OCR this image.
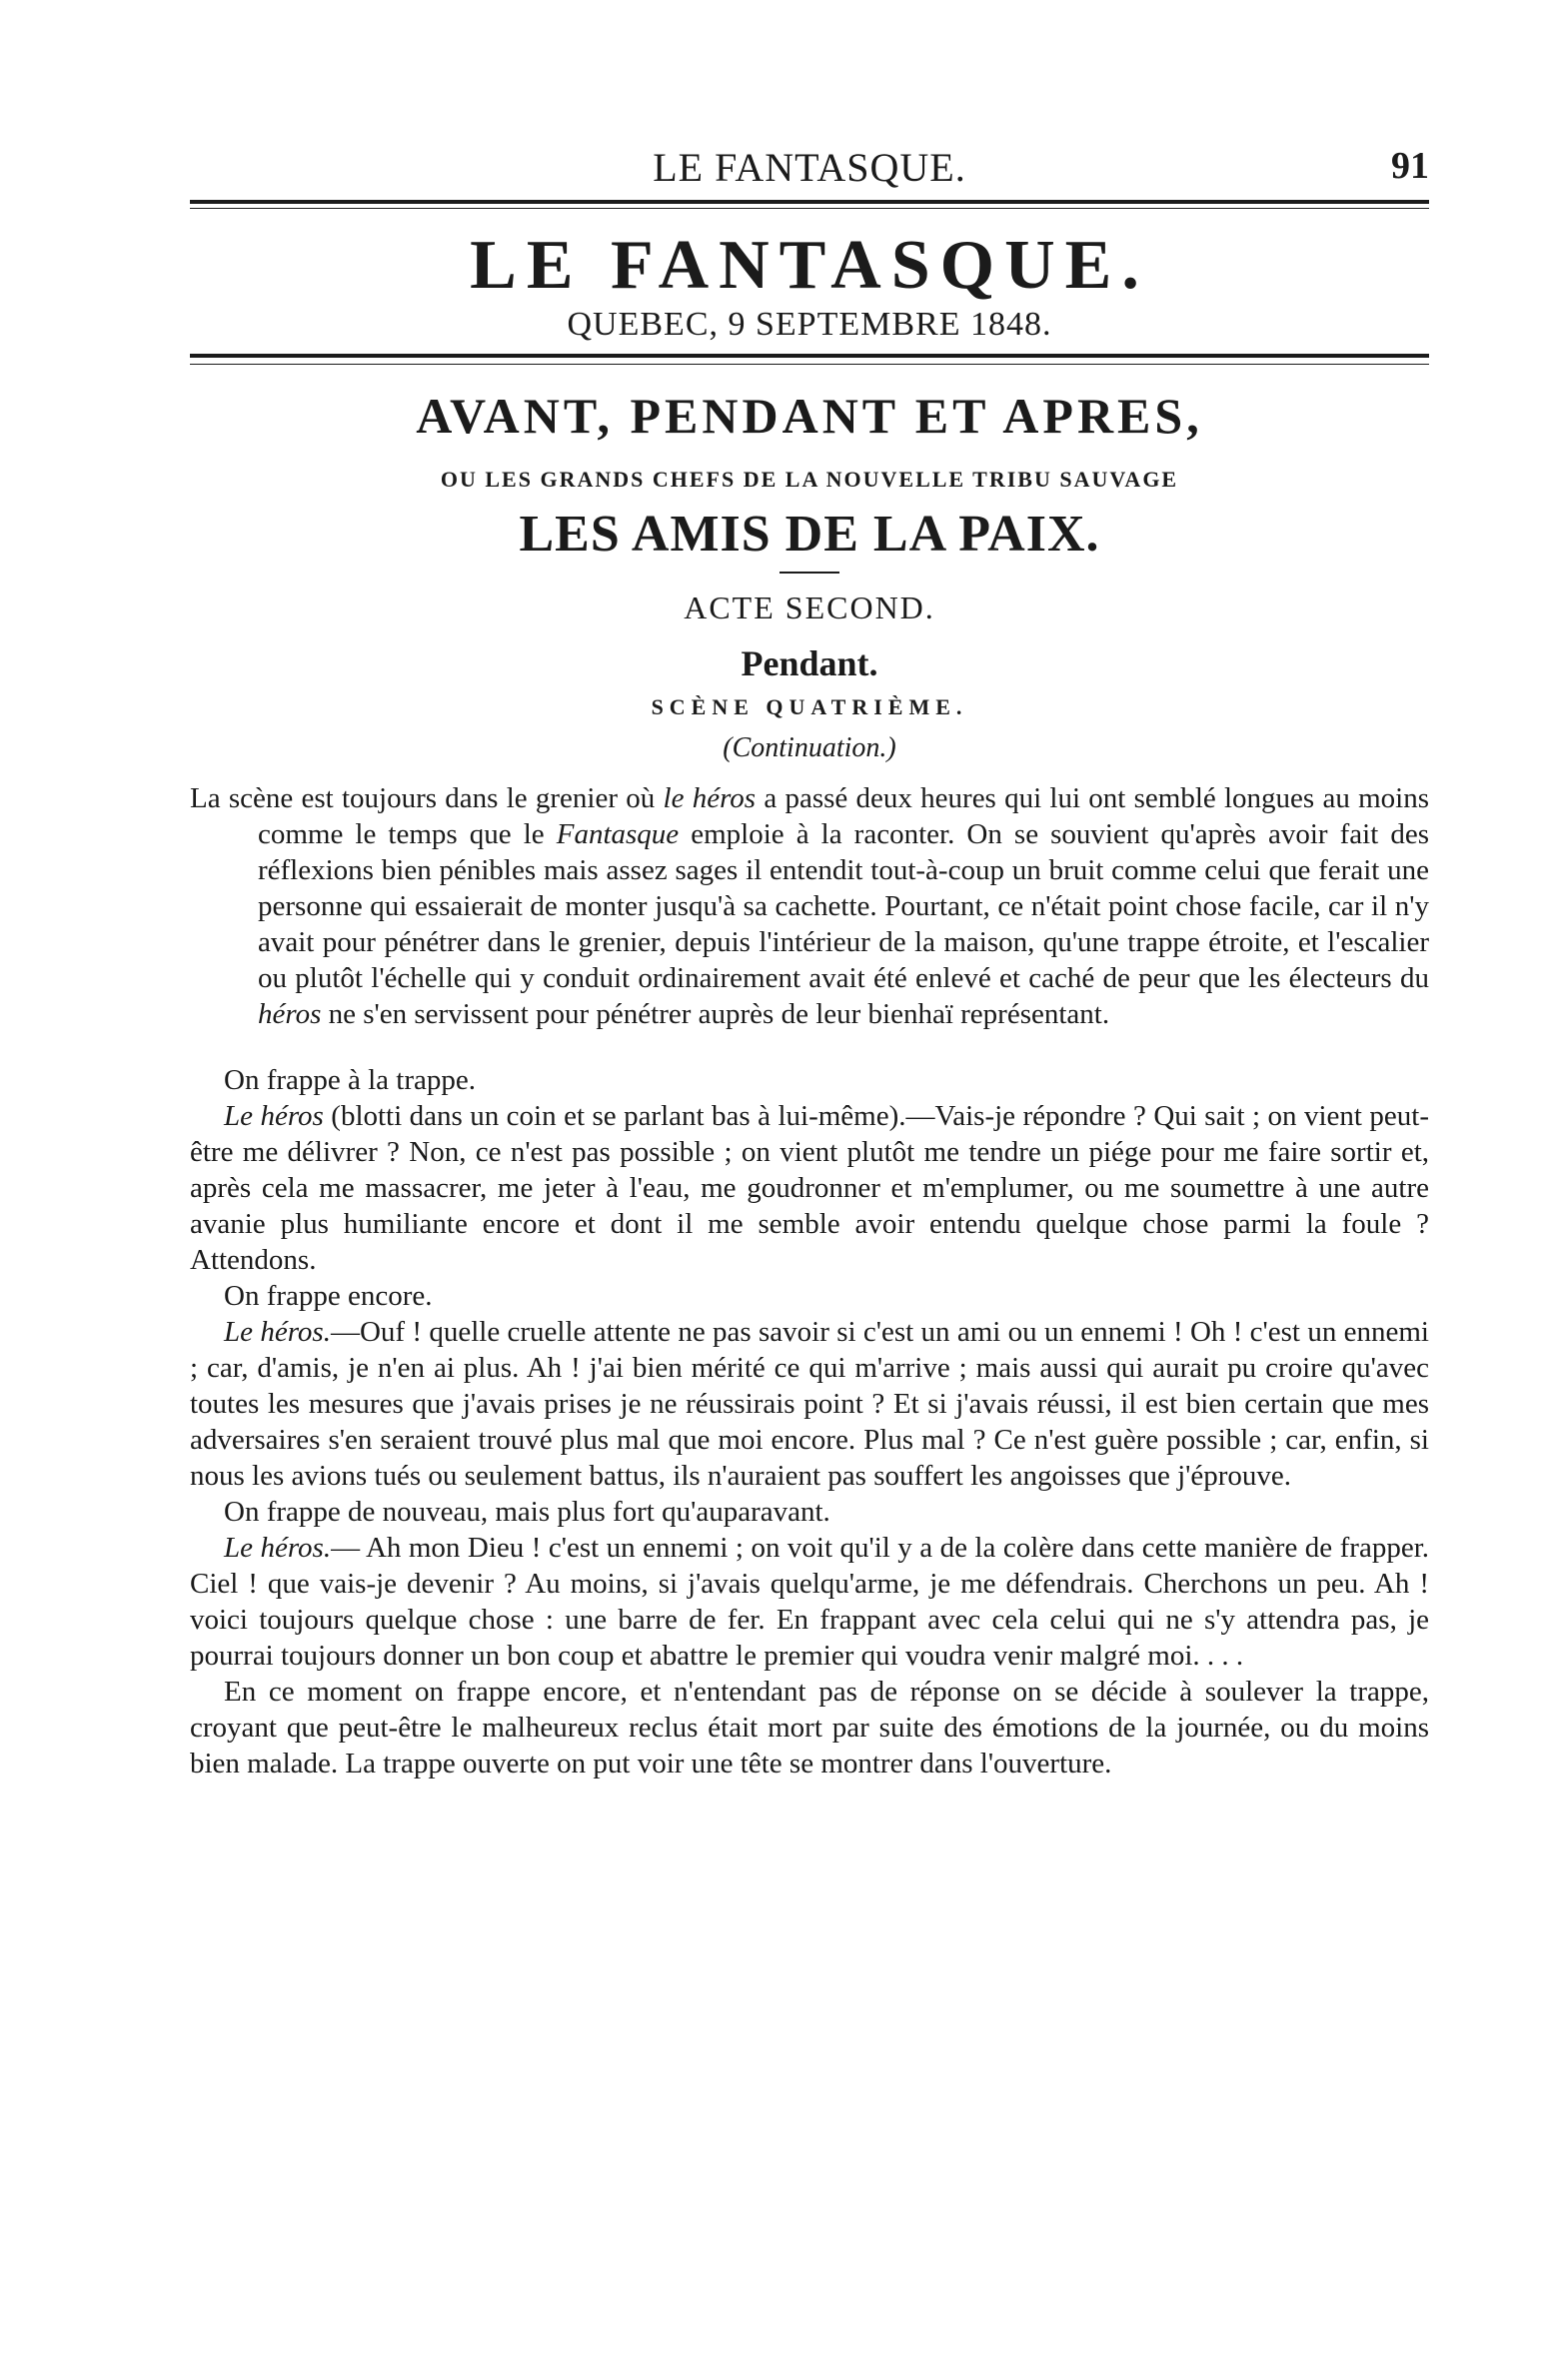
LE FANTASQUE.	91
LE FANTASQUE.
QUEBEC, 9 SEPTEMBRE 1848.
AVANT, PENDANT ET APRES,
OU LES GRANDS CHEFS DE LA NOUVELLE TRIBU SAUVAGE
LES AMIS DE LA PAIX.
ACTE SECOND.
Pendant.
SCÈNE QUATRIÈME.
(Continuation.)

La scène est toujours dans le grenier où le héros a passé deux heures qui lui ont semblé longues au moins comme le temps que le Fantasque emploie à la raconter. On se souvient qu'après avoir fait des réflexions bien pénibles mais assez sages il entendit tout-à-coup un bruit comme celui que ferait une personne qui essaierait de monter jusqu'à sa cachette. Pourtant, ce n'était point chose facile, car il n'y avait pour pénétrer dans le grenier, depuis l'intérieur de la maison, qu'une trappe étroite, et l'escalier ou plutôt l'échelle qui y conduit ordinairement avait été enlevé et caché de peur que les électeurs du héros ne s'en servissent pour pénétrer auprès de leur bienhaï représentant.

On frappe à la trappe.

Le héros (blotti dans un coin et se parlant bas à lui-même).—Vais-je répondre ? Qui sait ; on vient peut-être me délivrer ? Non, ce n'est pas possible ; on vient plutôt me tendre un piége pour me faire sortir et, après cela me massacrer, me jeter à l'eau, me goudronner et m'emplumer, ou me soumettre à une autre avanie plus humiliante encore et dont il me semble avoir entendu quelque chose parmi la foule ? Attendons.

On frappe encore.

Le héros.—Ouf ! quelle cruelle attente ne pas savoir si c'est un ami ou un ennemi ! Oh ! c'est un ennemi ; car, d'amis, je n'en ai plus. Ah ! j'ai bien mérité ce qui m'arrive ; mais aussi qui aurait pu croire qu'avec toutes les mesures que j'avais prises je ne réussirais point ? Et si j'avais réussi, il est bien certain que mes adversaires s'en seraient trouvé plus mal que moi encore. Plus mal ? Ce n'est guère possible ; car, enfin, si nous les avions tués ou seulement battus, ils n'auraient pas souffert les angoisses que j'éprouve.

On frappe de nouveau, mais plus fort qu'auparavant.

Le héros.— Ah mon Dieu ! c'est un ennemi ; on voit qu'il y a de la colère dans cette manière de frapper. Ciel ! que vais-je devenir ? Au moins, si j'avais quelqu'arme, je me défendrais. Cherchons un peu. Ah ! voici toujours quelque chose : une barre de fer. En frappant avec cela celui qui ne s'y attendra pas, je pourrai toujours donner un bon coup et abattre le premier qui voudra venir malgré moi. . . .

En ce moment on frappe encore, et n'entendant pas de réponse on se décide à soulever la trappe, croyant que peut-être le malheureux reclus était mort par suite des émotions de la journée, ou du moins bien malade. La trappe ouverte on put voir une tête se montrer dans l'ouverture.
